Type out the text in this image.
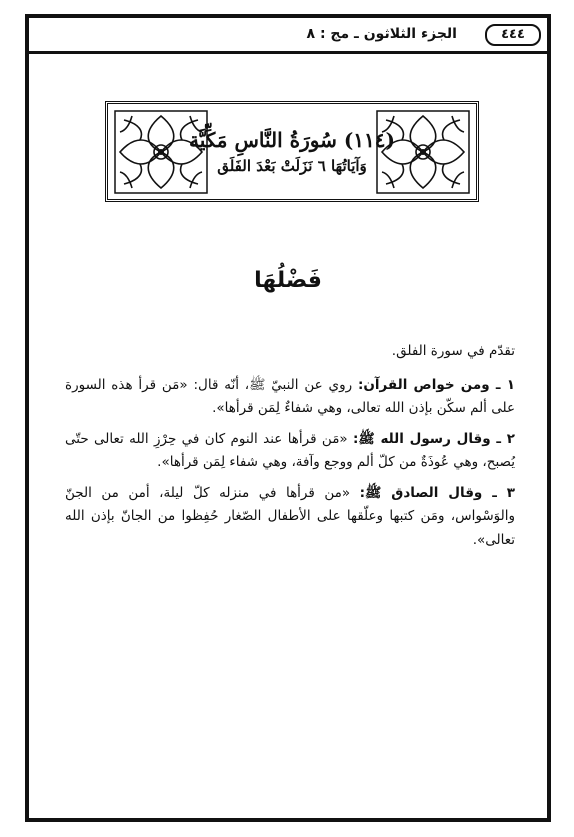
٤٤٤
الجزء الثلاثون ـ مج : ٨
(١١٤) سُورَةُ النَّاسِ مَكِّيَّة
وَآيَاتُهَا ٦ نَزَلَتْ بَعْدَ الفَلَق
فَضْلُهَا

تقدّم في سورة الفلق.

١ ـ ومن خواص القرآن: روي عن النبيّ ﷺ، أنّه قال: «مَن قرأ هذه السورة على ألم سكّن بإذن الله تعالى، وهي شفاءٌ لِمَن قرأها».

٢ ـ وقال رسول الله ﷺ: «مَن قرأها عند النوم كان في حِرْزِ الله تعالى حتّى يُصبح، وهي عُوذَةٌ من كلّ ألم ووجع وآفة، وهي شفاء لِمَن قرأها».

٣ ـ وقال الصادق ﷺ: «من قرأها في منزله كلّ ليلة، أمن من الجنّ والوَسْواس، ومَن كتبها وعلّقها على الأطفال الصّغار حُفِظوا من الجانّ بإذن الله تعالى».
